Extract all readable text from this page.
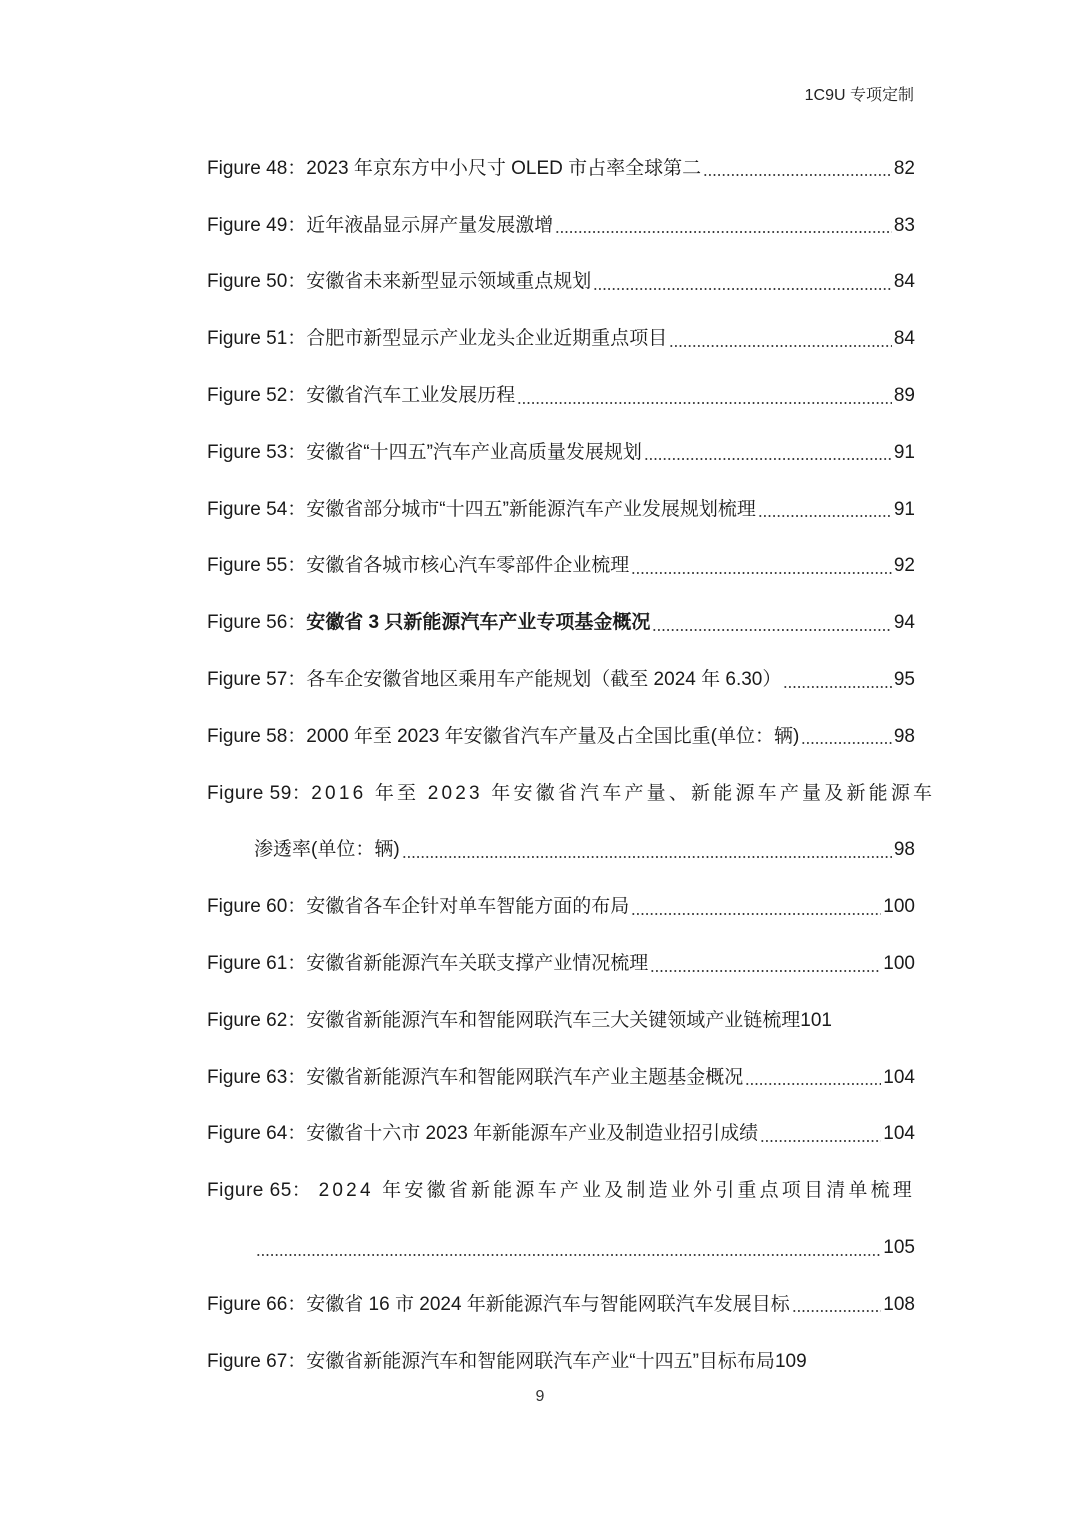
1C9U 专项定制
Figure 48： 2023 年京东方中小尺寸 OLED 市占率全球第二	82
Figure 49： 近年液晶显示屏产量发展激增	83
Figure 50： 安徽省未来新型显示领域重点规划	84
Figure 51： 合肥市新型显示产业龙头企业近期重点项目	84
Figure 52： 安徽省汽车工业发展历程	89
Figure 53： 安徽省“十四五”汽车产业高质量发展规划	91
Figure 54： 安徽省部分城市“十四五”新能源汽车产业发展规划梳理	91
Figure 55： 安徽省各城市核心汽车零部件企业梳理	92
Figure 56： 安徽省 3 只新能源汽车产业专项基金概况	94
Figure 57： 各车企安徽省地区乘用车产能规划（截至 2024 年 6.30）	95
Figure 58： 2000 年至 2023 年安徽省汽车产量及占全国比重(单位：辆)	98
Figure 59： 2016 年至 2023 年安徽省汽车产量、新能源车产量及新能源车
渗透率(单位：辆)	98
Figure 60： 安徽省各车企针对单车智能方面的布局	100
Figure 61： 安徽省新能源汽车关联支撑产业情况梳理	100
Figure 62： 安徽省新能源汽车和智能网联汽车三大关键领域产业链梳理 101
Figure 63： 安徽省新能源汽车和智能网联汽车产业主题基金概况	104
Figure 64： 安徽省十六市 2023 年新能源车产业及制造业招引成绩	104
Figure 65： 2024 年安徽省新能源车产业及制造业外引重点项目清单梳理
105
Figure 66： 安徽省 16 市 2024 年新能源汽车与智能网联汽车发展目标	108
Figure 67： 安徽省新能源汽车和智能网联汽车产业“十四五”目标布局 109
9
